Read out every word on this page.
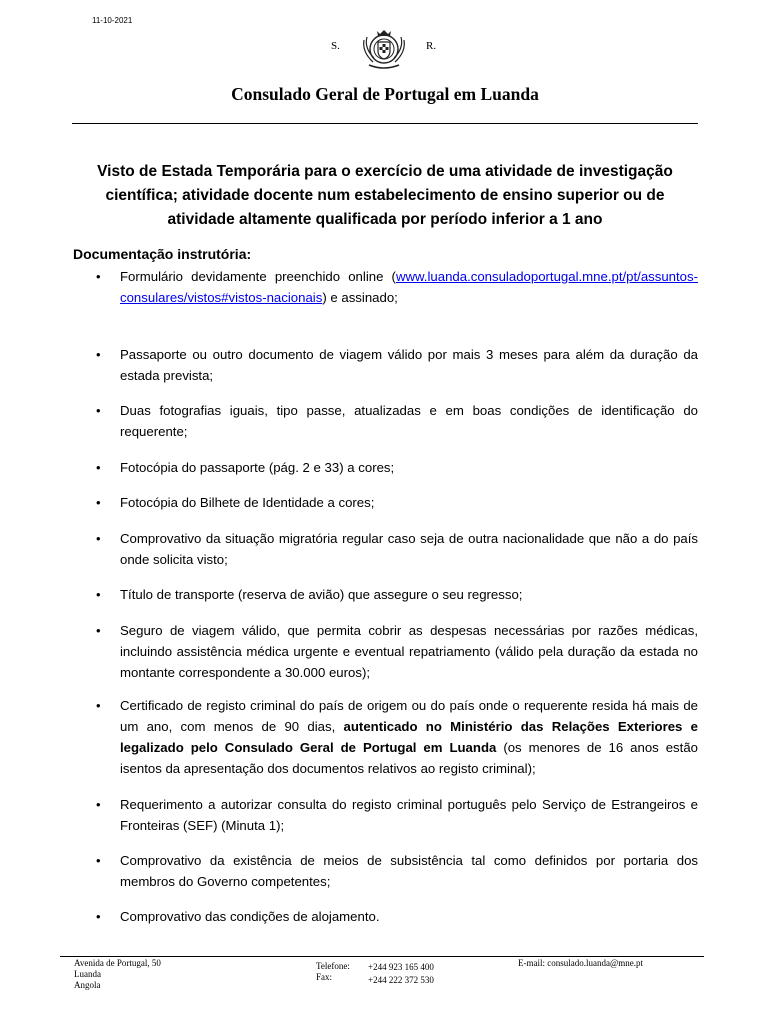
11-10-2021
S.	R.
Consulado Geral de Portugal em Luanda
Visto de Estada Temporária para o exercício de uma atividade de investigação científica; atividade docente num estabelecimento de ensino superior ou de atividade altamente qualificada por período inferior a 1 ano
Documentação instrutória:
• Formulário devidamente preenchido online (www.luanda.consuladoportugal.mne.pt/pt/assuntos-consulares/vistos#vistos-nacionais) e assinado;
• Passaporte ou outro documento de viagem válido por mais 3 meses para além da duração da estada prevista;
• Duas fotografias iguais, tipo passe, atualizadas e em boas condições de identificação do requerente;
• Fotocópia do passaporte (pág. 2 e 33) a cores;
• Fotocópia do Bilhete de Identidade a cores;
• Comprovativo da situação migratória regular caso seja de outra nacionalidade que não a do país onde solicita visto;
• Título de transporte (reserva de avião) que assegure o seu regresso;
• Seguro de viagem válido, que permita cobrir as despesas necessárias por razões médicas, incluindo assistência médica urgente e eventual repatriamento (válido pela duração da estada no montante correspondente a 30.000 euros);
• Certificado de registo criminal do país de origem ou do país onde o requerente resida há mais de um ano, com menos de 90 dias, autenticado no Ministério das Relações Exteriores e legalizado pelo Consulado Geral de Portugal em Luanda (os menores de 16 anos estão isentos da apresentação dos documentos relativos ao registo criminal);
• Requerimento a autorizar consulta do registo criminal português pelo Serviço de Estrangeiros e Fronteiras (SEF) (Minuta 1);
• Comprovativo da existência de meios de subsistência tal como definidos por portaria dos membros do Governo competentes;
• Comprovativo das condições de alojamento.
Avenida de Portugal, 50
Luanda
Angola
Telefone:
Fax:
+244 923 165 400
+244 222 372 530
E-mail: consulado.luanda@mne.pt
